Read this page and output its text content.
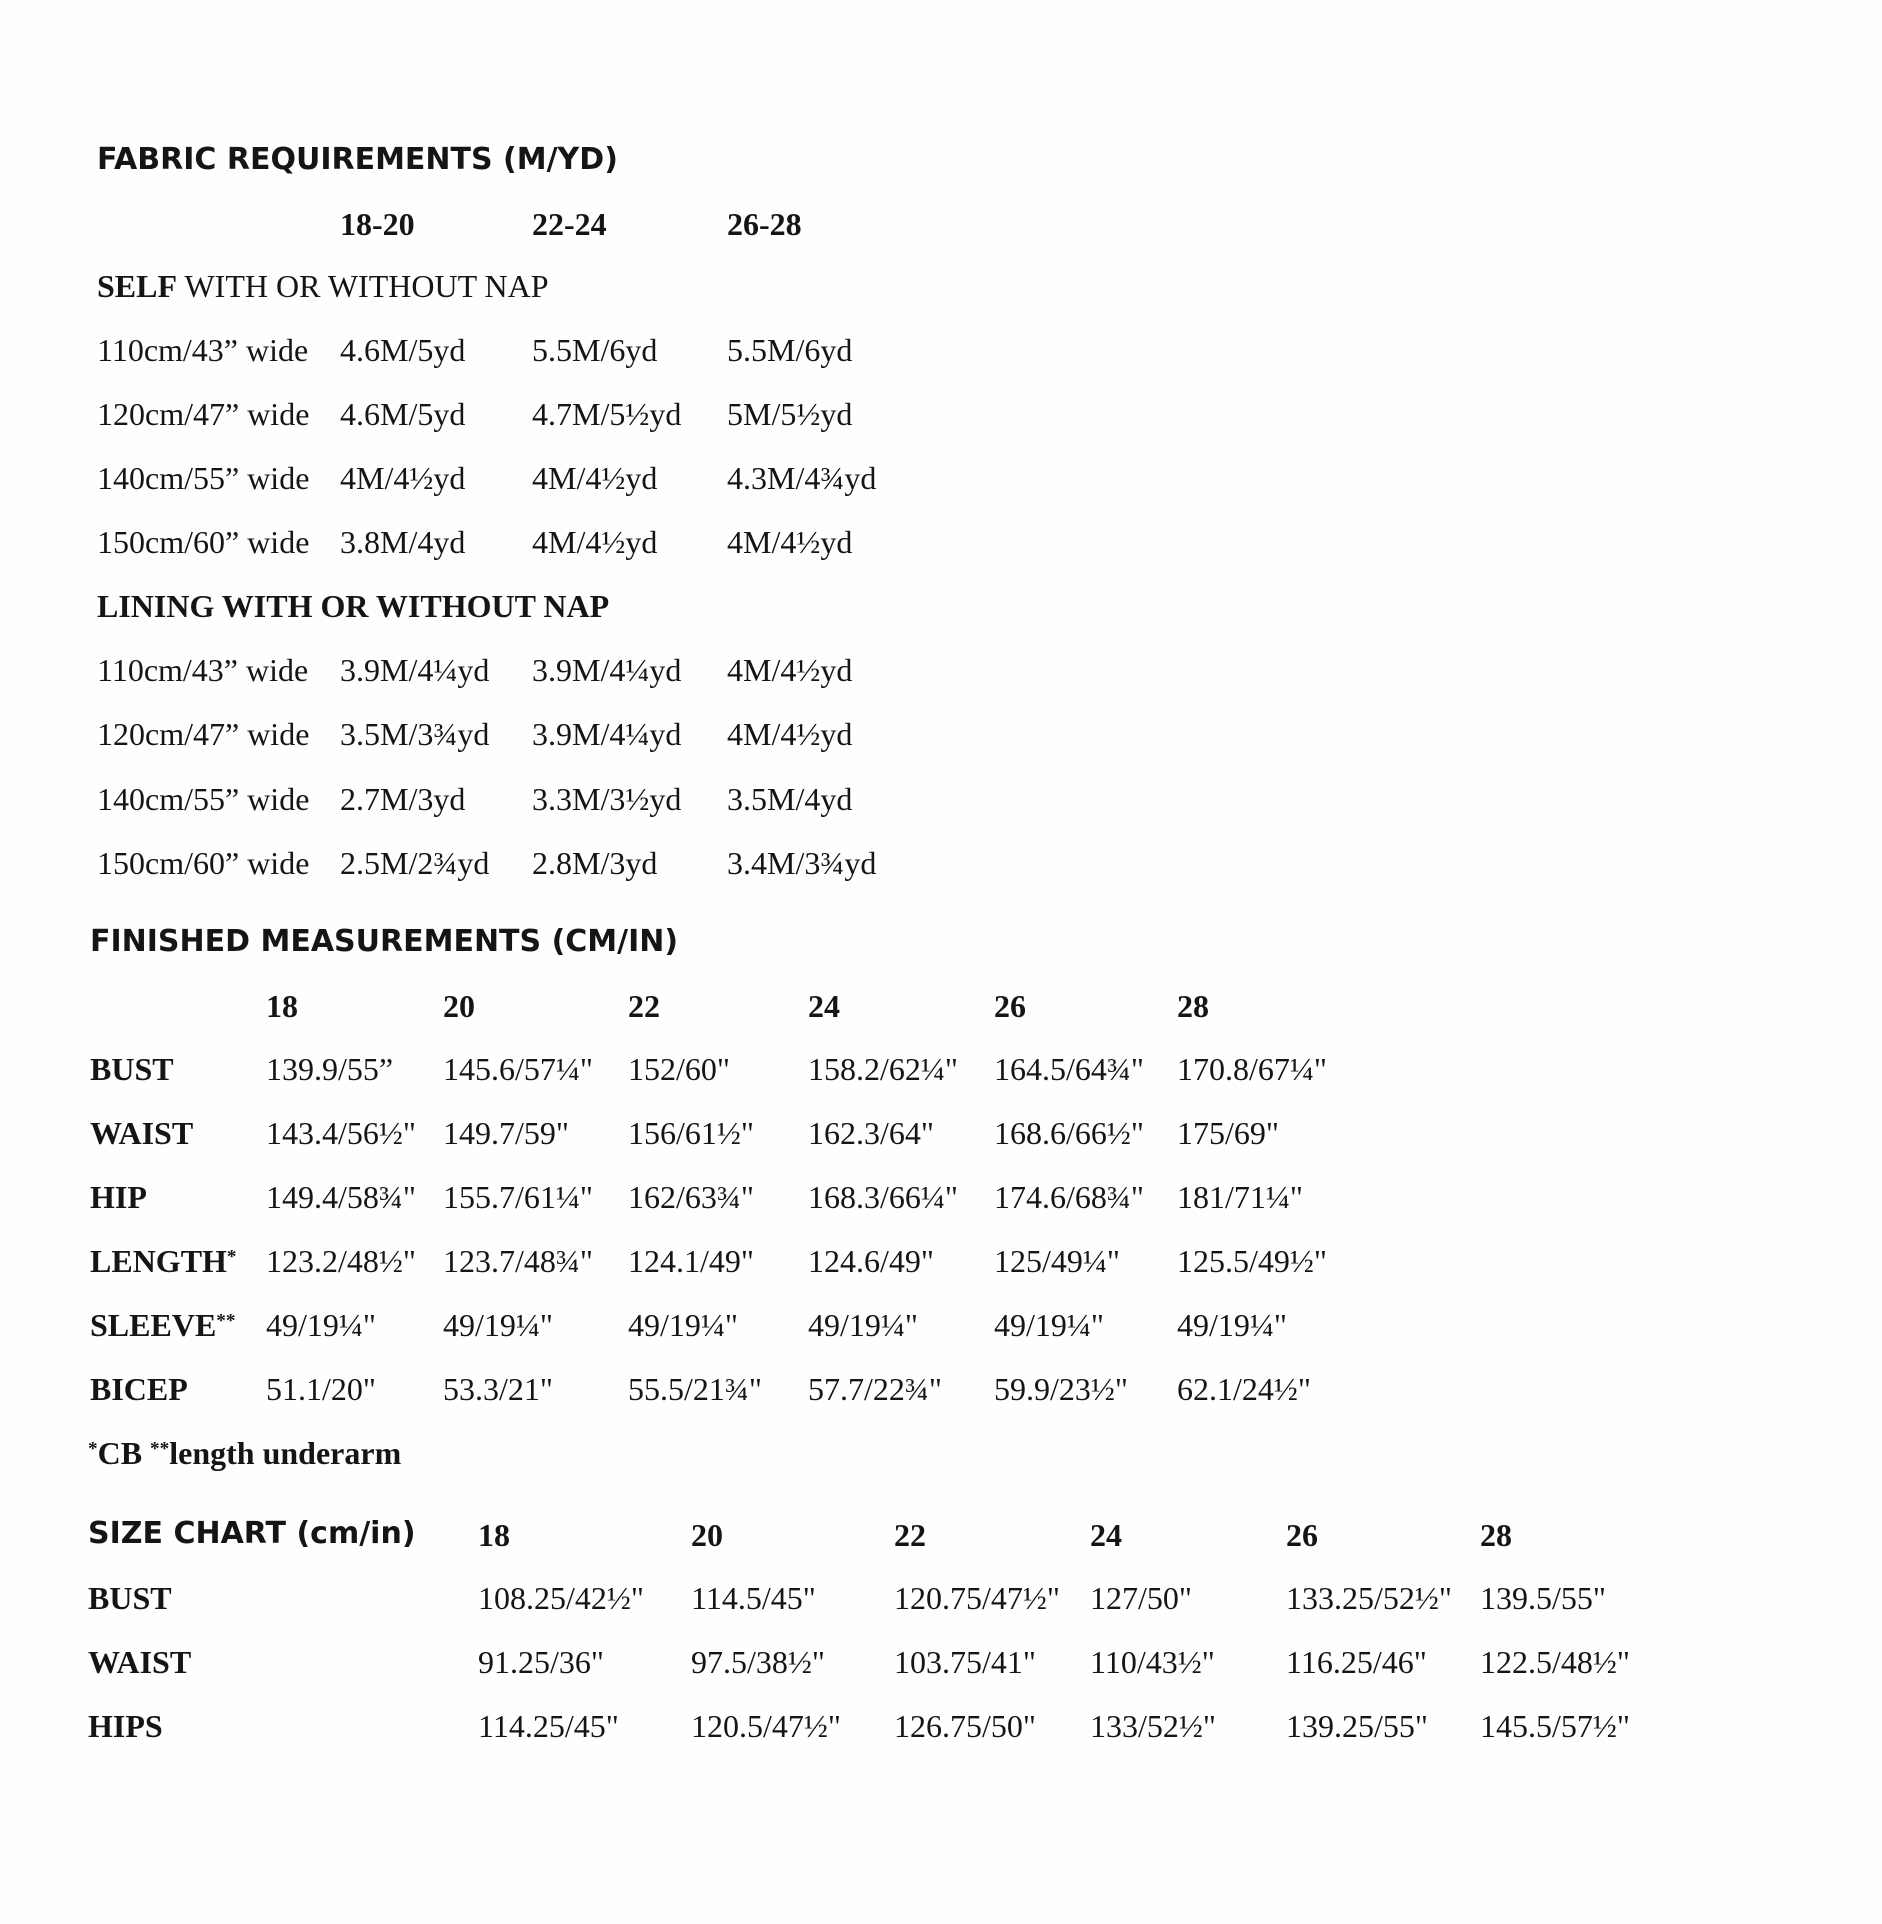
FABRIC REQUIREMENTS (M/YD)
18-20	22-24	26-28
SELF WITH OR WITHOUT NAP
110cm/43” wide 4.6M/5yd 5.5M/6yd 5.5M/6yd
120cm/47” wide 4.6M/5yd 4.7M/5½yd 5M/5½yd
140cm/55” wide 4M/4½yd 4M/4½yd 4.3M/4¾yd
150cm/60” wide 3.8M/4yd 4M/4½yd 4M/4½yd
LINING WITH OR WITHOUT NAP
110cm/43” wide 3.9M/4¼yd 3.9M/4¼yd 4M/4½yd
120cm/47” wide 3.5M/3¾yd 3.9M/4¼yd 4M/4½yd
140cm/55” wide 2.7M/3yd 3.3M/3½yd 3.5M/4yd
150cm/60” wide 2.5M/2¾yd 2.8M/3yd 3.4M/3¾yd
FINISHED MEASUREMENTS (CM/IN)
18	20	22	24	26	28
BUST	139.9/55” 145.6/57¼" 152/60" 158.2/62¼" 164.5/64¾" 170.8/67¼"
WAIST 143.4/56½" 149.7/59" 156/61½" 162.3/64" 168.6/66½" 175/69"
HIP	149.4/58¾" 155.7/61¼" 162/63¾" 168.3/66¼" 174.6/68¾" 181/71¼"
LENGTH* 123.2/48½" 123.7/48¾" 124.1/49" 124.6/49" 125/49¼" 125.5/49½"
SLEEVE** 49/19¼" 49/19¼" 49/19¼" 49/19¼" 49/19¼" 49/19¼"
BICEP 51.1/20" 53.3/21" 55.5/21¾" 57.7/22¾" 59.9/23½" 62.1/24½"
*CB **length underarm
SIZE CHART (cm/in) 18	20	22	24	26	28
BUST	108.25/42½" 114.5/45" 120.75/47½" 127/50"	133.25/52½" 139.5/55"
WAIST	91.25/36"	97.5/38½" 103.75/41" 110/43½" 116.25/46" 122.5/48½"
HIPS	114.25/45" 120.5/47½" 126.75/50" 133/52½" 139.25/55" 145.5/57½"
